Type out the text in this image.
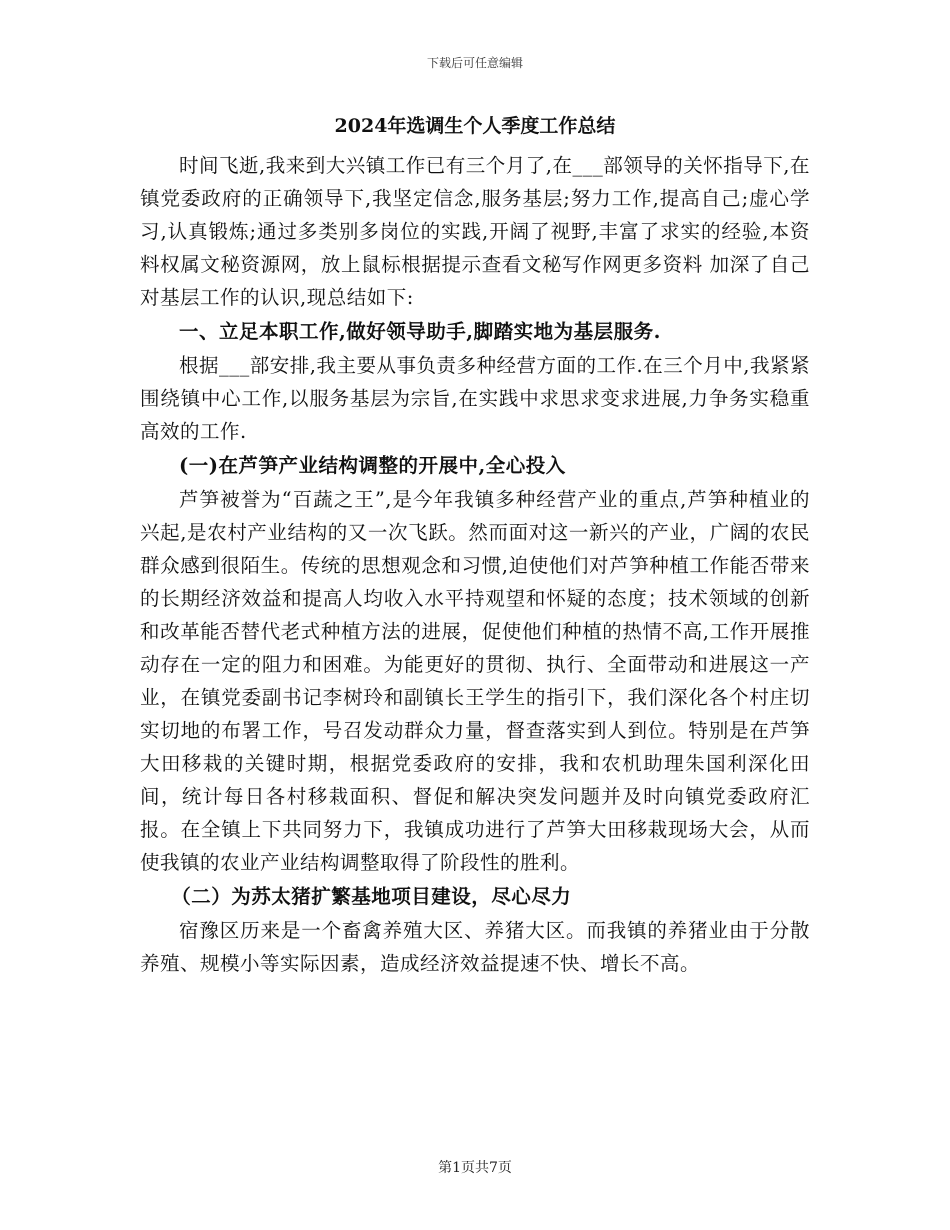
下载后可任意编辑
2024年选调生个人季度工作总结

时间飞逝,我来到大兴镇工作已有三个月了,在___部领导的关怀指导下,在镇党委政府的正确领导下,我坚定信念,服务基层;努力工作,提高自己;虚心学习,认真锻炼;通过多类别多岗位的实践,开阔了视野,丰富了求实的经验,本资料权属文秘资源网，放上鼠标根据提示查看文秘写作网更多资料 加深了自己对基层工作的认识,现总结如下:

一、立足本职工作,做好领导助手,脚踏实地为基层服务.

根据___部安排,我主要从事负责多种经营方面的工作.在三个月中,我紧紧围绕镇中心工作,以服务基层为宗旨,在实践中求思求变求进展,力争务实稳重高效的工作.

(一)在芦笋产业结构调整的开展中,全心投入

芦笋被誉为“百蔬之王”,是今年我镇多种经营产业的重点,芦笋种植业的兴起,是农村产业结构的又一次飞跃。然而面对这一新兴的产业，广阔的农民群众感到很陌生。传统的思想观念和习惯,迫使他们对芦笋种植工作能否带来的长期经济效益和提高人均收入水平持观望和怀疑的态度；技术领域的创新和改革能否替代老式种植方法的进展，促使他们种植的热情不高,工作开展推动存在一定的阻力和困难。为能更好的贯彻、执行、全面带动和进展这一产业，在镇党委副书记李树玲和副镇长王学生的指引下，我们深化各个村庄切实切地的布署工作，号召发动群众力量，督查落实到人到位。特别是在芦笋大田移栽的关键时期，根据党委政府的安排，我和农机助理朱国利深化田间，统计每日各村移栽面积、督促和解决突发问题并及时向镇党委政府汇报。在全镇上下共同努力下，我镇成功进行了芦笋大田移栽现场大会，从而使我镇的农业产业结构调整取得了阶段性的胜利。

（二）为苏太猪扩繁基地项目建设，尽心尽力

宿豫区历来是一个畜禽养殖大区、养猪大区。而我镇的养猪业由于分散养殖、规模小等实际因素，造成经济效益提速不快、增长不高。

第1页共7页
